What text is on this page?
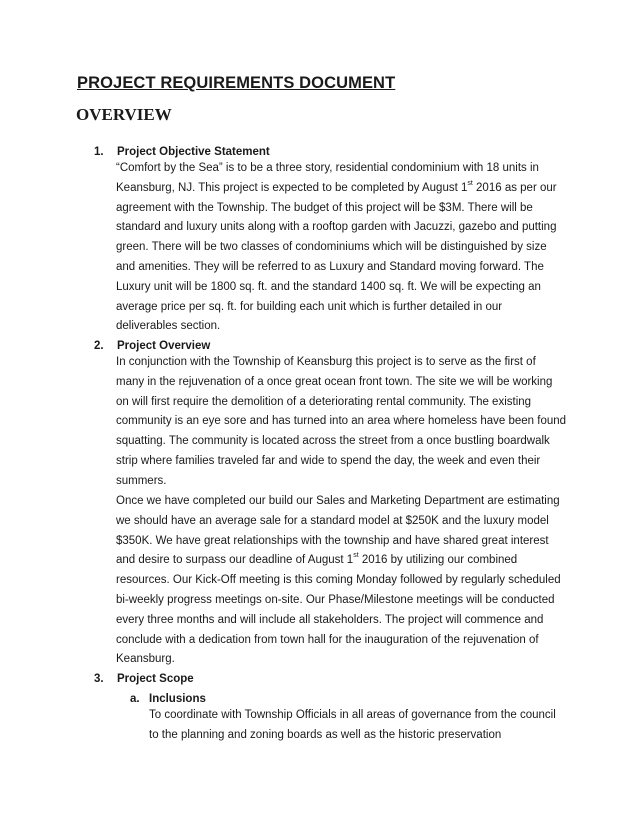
PROJECT REQUIREMENTS DOCUMENT
OVERVIEW
1. Project Objective Statement
“Comfort by the Sea” is to be a three story, residential condominium with 18 units in
Keansburg, NJ. This project is expected to be completed by August 1st 2016 as per our
agreement with the Township. The budget of this project will be $3M. There will be
standard and luxury units along with a rooftop garden with Jacuzzi, gazebo and putting
green. There will be two classes of condominiums which will be distinguished by size
and amenities. They will be referred to as Luxury and Standard moving forward. The
Luxury unit will be 1800 sq. ft. and the standard 1400 sq. ft. We will be expecting an
average price per sq. ft. for building each unit which is further detailed in our
deliverables section.
2. Project Overview
In conjunction with the Township of Keansburg this project is to serve as the first of
many in the rejuvenation of a once great ocean front town. The site we will be working
on will first require the demolition of a deteriorating rental community. The existing
community is an eye sore and has turned into an area where homeless have been found
squatting. The community is located across the street from a once bustling boardwalk
strip where families traveled far and wide to spend the day, the week and even their
summers.
Once we have completed our build our Sales and Marketing Department are estimating
we should have an average sale for a standard model at $250K and the luxury model
$350K. We have great relationships with the township and have shared great interest
and desire to surpass our deadline of August 1st 2016 by utilizing our combined
resources. Our Kick-Off meeting is this coming Monday followed by regularly scheduled
bi-weekly progress meetings on-site. Our Phase/Milestone meetings will be conducted
every three months and will include all stakeholders. The project will commence and
conclude with a dedication from town hall for the inauguration of the rejuvenation of
Keansburg.
3. Project Scope
a. Inclusions
To coordinate with Township Officials in all areas of governance from the council
to the planning and zoning boards as well as the historic preservation
